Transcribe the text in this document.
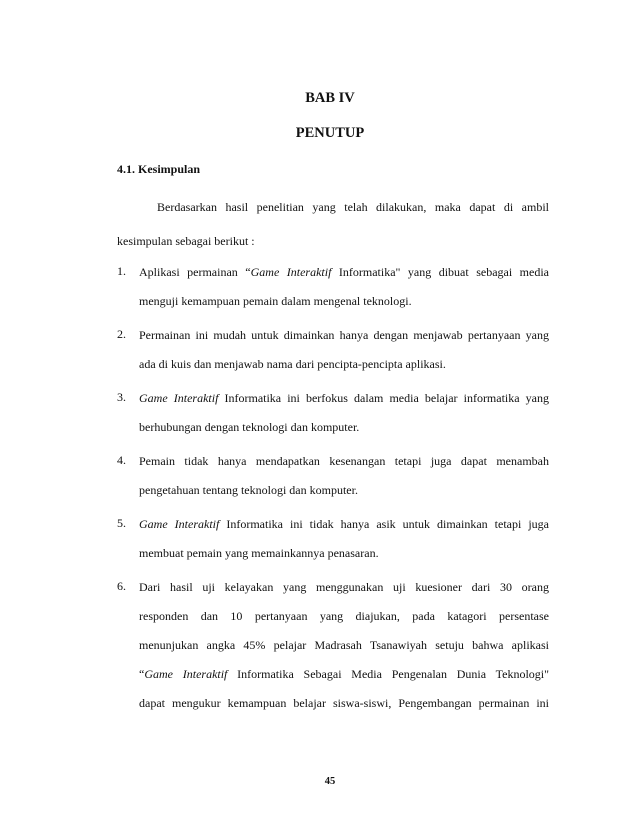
BAB IV
PENUTUP
4.1. Kesimpulan
Berdasarkan hasil penelitian yang telah dilakukan, maka dapat di ambil
kesimpulan sebagai berikut :
1. Aplikasi permainan “Game Interaktif Informatika" yang dibuat sebagai media
menguji kemampuan pemain dalam mengenal teknologi.
2. Permainan ini mudah untuk dimainkan hanya dengan menjawab pertanyaan yang
ada di kuis dan menjawab nama dari pencipta-pencipta aplikasi.
3. Game Interaktif Informatika ini berfokus dalam media belajar informatika yang
berhubungan dengan teknologi dan komputer.
4. Pemain tidak hanya mendapatkan kesenangan tetapi juga dapat menambah
pengetahuan tentang teknologi dan komputer.
5. Game Interaktif Informatika ini tidak hanya asik untuk dimainkan tetapi juga
membuat pemain yang memainkannya penasaran.
6. Dari hasil uji kelayakan yang menggunakan uji kuesioner dari 30 orang
responden dan 10 pertanyaan yang diajukan, pada katagori persentase
menunjukan angka 45% pelajar Madrasah Tsanawiyah setuju bahwa aplikasi
“Game Interaktif Informatika Sebagai Media Pengenalan Dunia Teknologi"
dapat mengukur kemampuan belajar siswa-siswi, Pengembangan permainan ini
45
